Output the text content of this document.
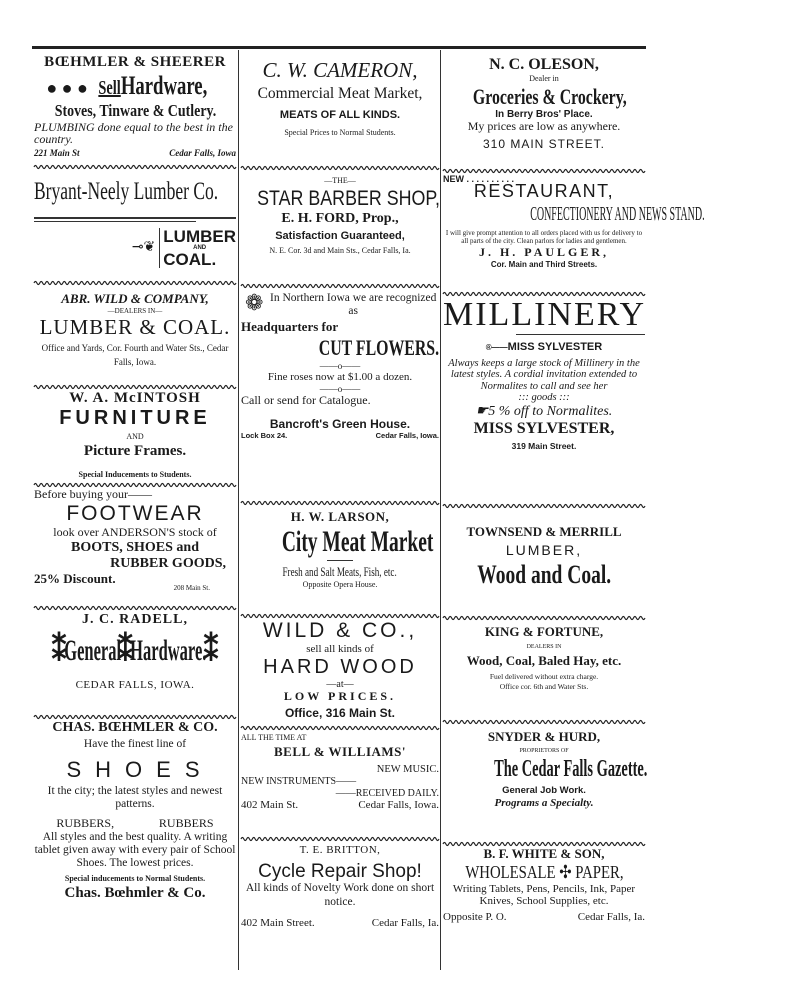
BŒHMLER & SHEERER
● ● ● SellHardware,
Stoves, Tinware & Cutlery.
PLUMBING done equal to the best in the country.
221 Main St	Cedar Falls, Iowa
Bryant-Neely Lumber Co.
⊸❦
LUMBER
AND
COAL.
ABR. WILD & COMPANY,
—DEALERS IN—
LUMBER & COAL.
Office and Yards, Cor. Fourth and Water Sts., Cedar Falls, Iowa.
W. A. McINTOSH
FURNITURE
AND
Picture Frames.
Special Inducements to Students.
Before buying your——
FOOTWEAR
look over ANDERSON'S stock of
BOOTS, SHOES and
RUBBER GOODS,
25% Discount.
208 Main St.
J. C. RADELL,
⁑General⁑Hardware.⁑
CEDAR FALLS, IOWA.
CHAS. BŒHMLER & CO.
Have the finest line of
SHOES
It the city; the latest styles and newest patterns.
RUBBERS,	RUBBERS
All styles and the best quality. A writing tablet given away with every pair of School Shoes. The lowest prices.
Special inducements to Normal Students.
Chas. Bœhmler & Co.
C. W. CAMERON,
Commercial Meat Market,
MEATS OF ALL KINDS.
Special Prices to Normal Students.
—THE—
STAR BARBER SHOP,
E. H. FORD, Prop.,
Satisfaction Guaranteed,
N. E. Cor. 3d and Main Sts., Cedar Falls, Ia.
❁ In Northern Iowa we are recognized as
Headquarters for
CUT FLOWERS.
——o——
Fine roses now at $1.00 a dozen.
——o——
Call or send for Catalogue.
Bancroft's Green House.
Lock Box 24.	Cedar Falls, Iowa.
H. W. LARSON,
City Meat Market
Fresh and Salt Meats, Fish, etc.
Opposite Opera House.
WILD & CO.,
sell all kinds of
HARD WOOD
—at—
LOW PRICES.
Office, 316 Main St.
ALL THE TIME AT
BELL & WILLIAMS'
NEW MUSIC.
NEW INSTRUMENTS——
——RECEIVED DAILY.
402 Main St.	Cedar Falls, Iowa.
T. E. BRITTON,
Cycle Repair Shop!
All kinds of Novelty Work done on short notice.
402 Main Street.	Cedar Falls, Ia.
N. C. OLESON,
Dealer in
Groceries & Crockery,
In Berry Bros' Place.
My prices are low as anywhere.
310 MAIN STREET.
NEW . . . . . . . . . .
RESTAURANT,
CONFECTIONERY AND NEWS STAND.
I will give prompt attention to all orders placed with us for delivery to all parts of the city. Clean parlors for ladies and gentlemen.
J. H. PAULGER,
Cor. Main and Third Streets.
MILLINERY
®——MISS SYLVESTER
Always keeps a large stock of Millinery in the latest styles. A cordial invitation extended to Normalites to call and see her
::: goods :::
☛5 % off to Normalites.
MISS SYLVESTER,
319 Main Street.
TOWNSEND & MERRILL
LUMBER,
Wood and Coal.
KING & FORTUNE,
DEALERS IN
Wood, Coal, Baled Hay, etc.
Fuel delivered without extra charge.
Office cor. 6th and Water Sts.
SNYDER & HURD,
PROPRIETORS OF
The Cedar Falls Gazette.
General Job Work.
Programs a Specialty.
B. F. WHITE & SON,
WHOLESALE ✣ PAPER,
Writing Tablets, Pens, Pencils, Ink, Paper Knives, School Supplies, etc.
Opposite P. O.	Cedar Falls, Ia.
